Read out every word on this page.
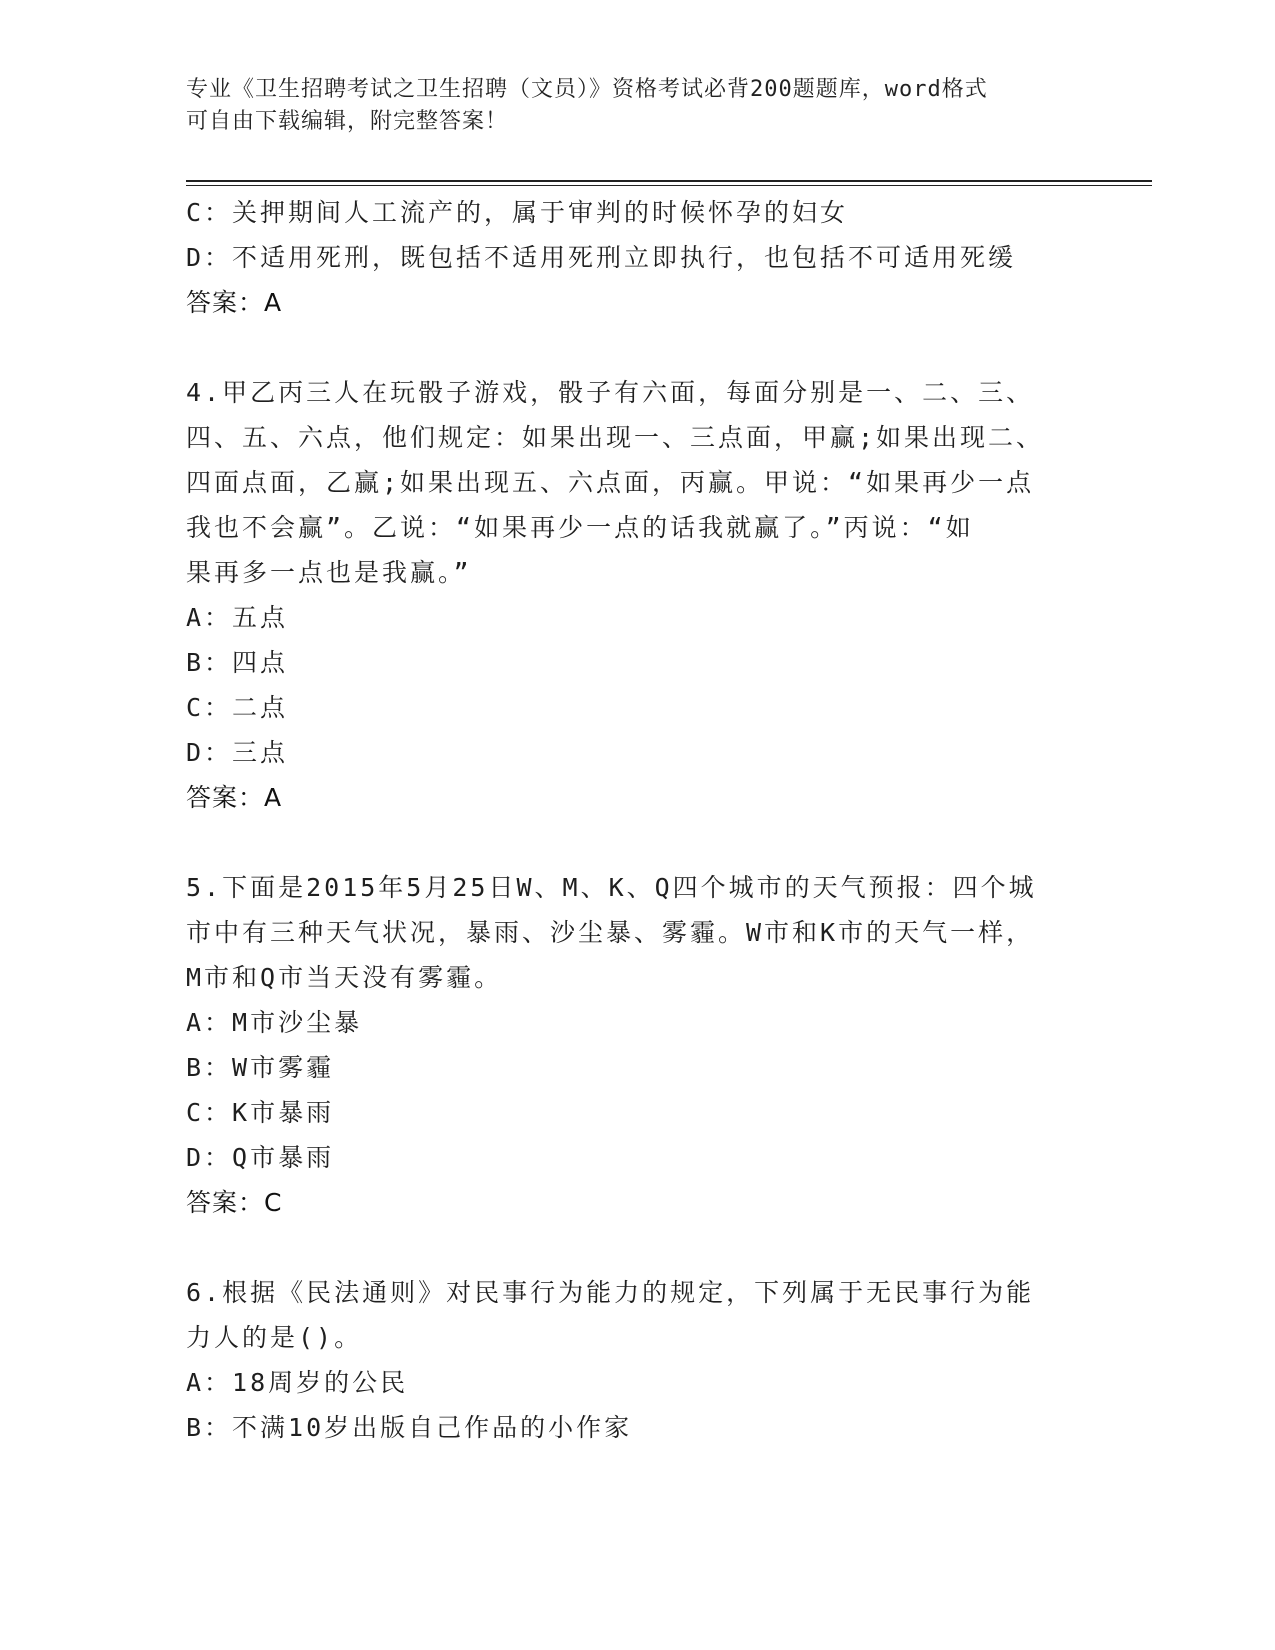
专业《卫生招聘考试之卫生招聘（文员）》资格考试必背200题题库，word格式
可自由下载编辑，附完整答案！
C：关押期间人工流产的，属于审判的时候怀孕的妇女
D：不适用死刑，既包括不适用死刑立即执行，也包括不可适用死缓
答案：A
4.甲乙丙三人在玩骰子游戏，骰子有六面，每面分别是一、二、三、
四、五、六点，他们规定：如果出现一、三点面，甲赢;如果出现二、
四面点面，乙赢;如果出现五、六点面，丙赢。甲说：“如果再少一点
我也不会赢”。乙说：“如果再少一点的话我就赢了。”丙说：“如
果再多一点也是我赢。”
A：五点
B：四点
C：二点
D：三点
答案：A
5.下面是2015年5月25日W、M、K、Q四个城市的天气预报：四个城
市中有三种天气状况，暴雨、沙尘暴、雾霾。W市和K市的天气一样，
M市和Q市当天没有雾霾。
A：M市沙尘暴
B：W市雾霾
C：K市暴雨
D：Q市暴雨
答案：C
6.根据《民法通则》对民事行为能力的规定，下列属于无民事行为能
力人的是()。
A：18周岁的公民
B：不满10岁出版自己作品的小作家
